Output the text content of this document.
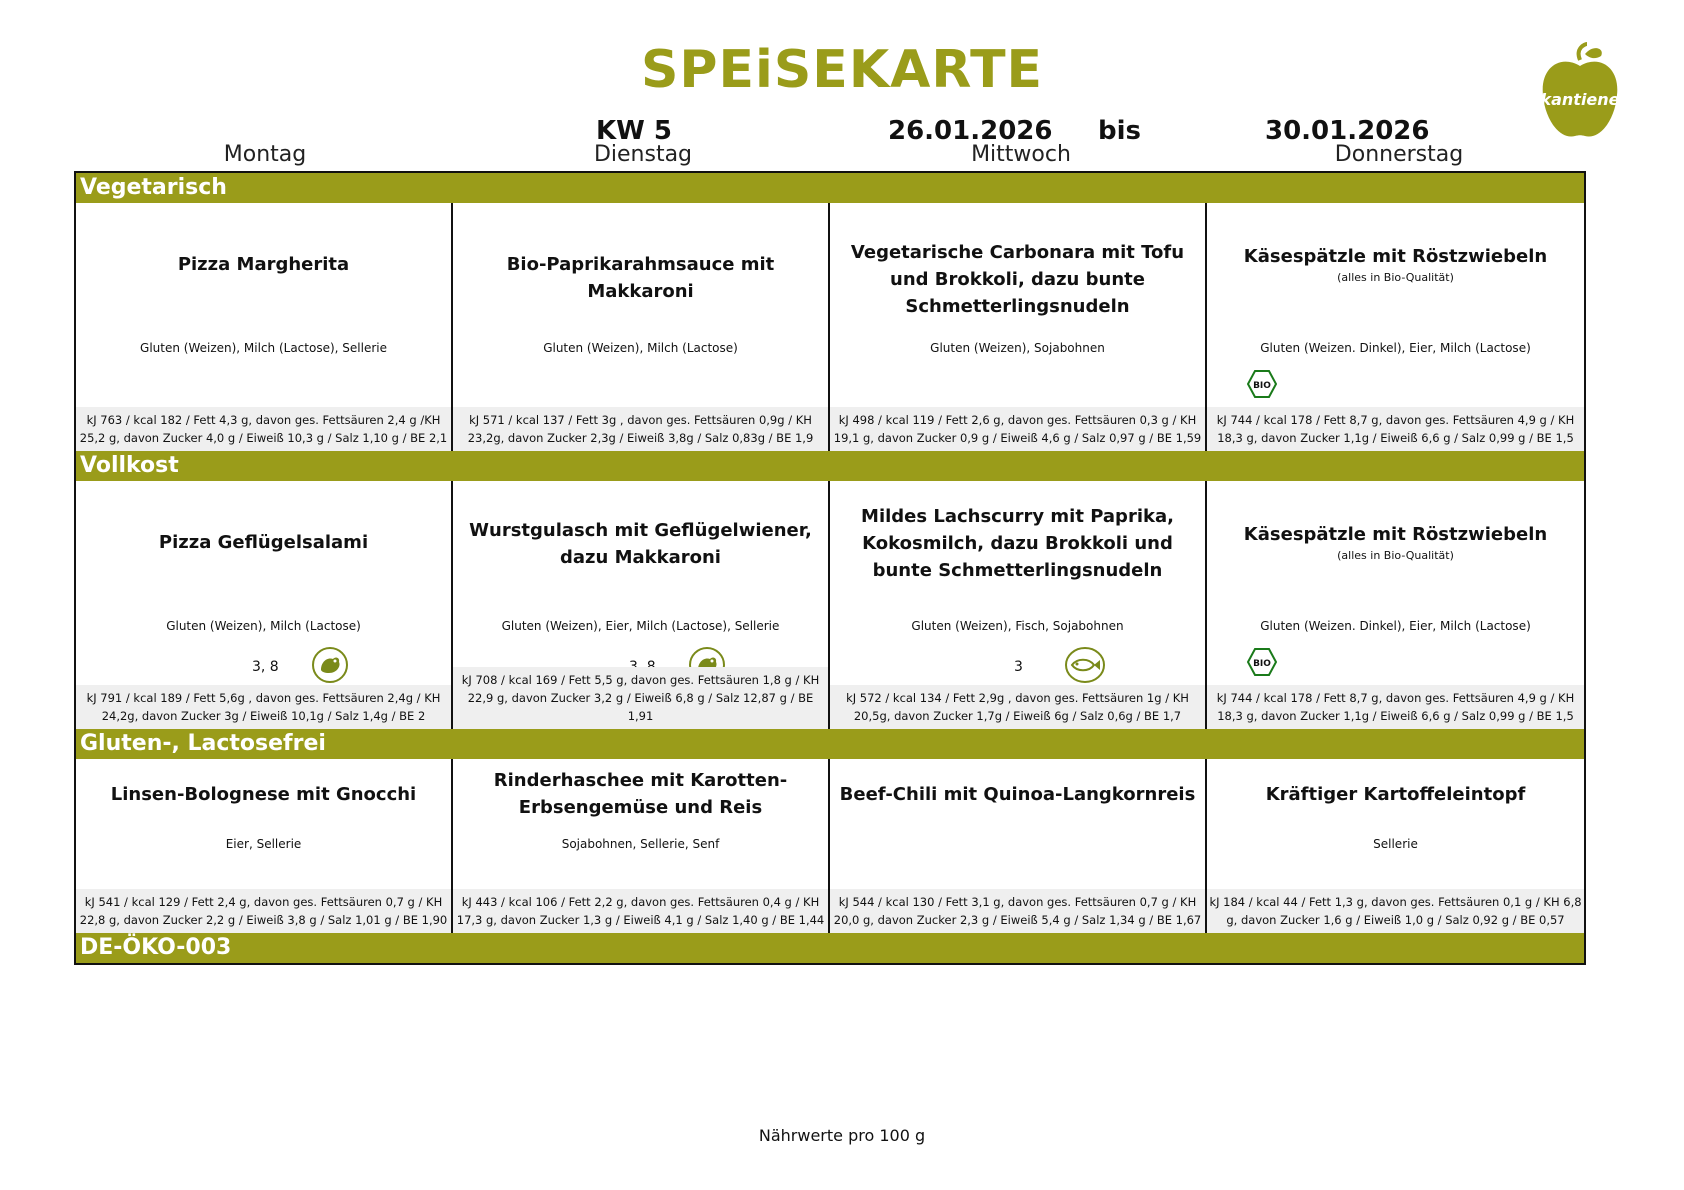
SPEiSEKARTE	kantiene
KW 5	26.01.2026 bis	30.01.2026
Montag	Dienstag	Mittwoch	Donnerstag
Vegetarisch
Pizza Margherita
Gluten (Weizen), Milch (Lactose), Sellerie
kJ 763 / kcal 182 / Fett 4,3 g, davon ges. Fettsäuren 2,4 g /KH 25,2 g, davon Zucker 4,0 g / Eiweiß 10,3 g / Salz 1,10 g / BE 2,1
Bio-Paprikarahmsauce mit Makkaroni
Gluten (Weizen), Milch (Lactose)
kJ 571 / kcal 137 / Fett 3g , davon ges. Fettsäuren 0,9g / KH 23,2g, davon Zucker 2,3g / Eiweiß 3,8g / Salz 0,83g / BE 1,9
Vegetarische Carbonara mit Tofu und Brokkoli, dazu bunte Schmetterlingsnudeln
Gluten (Weizen), Sojabohnen
kJ 498 / kcal 119 / Fett 2,6 g, davon ges. Fettsäuren 0,3 g / KH 19,1 g, davon Zucker 0,9 g / Eiweiß 4,6 g / Salz 0,97 g / BE 1,59
Käsespätzle mit Röstzwiebeln
(alles in Bio-Qualität)
Gluten (Weizen. Dinkel), Eier, Milch (Lactose)
BIO
kJ 744 / kcal 178 / Fett 8,7 g, davon ges. Fettsäuren 4,9 g / KH 18,3 g, davon Zucker 1,1g / Eiweiß 6,6 g / Salz 0,99 g / BE 1,5
Vollkost
Pizza Geflügelsalami
Gluten (Weizen), Milch (Lactose)
3, 8
kJ 791 / kcal 189 / Fett 5,6g , davon ges. Fettsäuren 2,4g / KH 24,2g, davon Zucker 3g / Eiweiß 10,1g / Salz 1,4g / BE 2
Wurstgulasch mit Geflügelwiener, dazu Makkaroni
Gluten (Weizen), Eier, Milch (Lactose), Sellerie
kJ 708 / kcal 169 / Fett 5,5 g, davon ges. Fettsäuren 1,8 g / KH 22,9 g, davon Zucker 3,2 g / Eiweiß 6,8 g / Salz 12,87 g / BE 1,91
Mildes Lachscurry mit Paprika, Kokosmilch, dazu Brokkoli und bunte Schmetterlingsnudeln
Gluten (Weizen), Fisch, Sojabohnen
3
kJ 572 / kcal 134 / Fett 2,9g , davon ges. Fettsäuren 1g / KH 20,5g, davon Zucker 1,7g / Eiweiß 6g / Salz 0,6g / BE 1,7
Käsespätzle mit Röstzwiebeln
(alles in Bio-Qualität)
Gluten (Weizen. Dinkel), Eier, Milch (Lactose)
BIO
kJ 744 / kcal 178 / Fett 8,7 g, davon ges. Fettsäuren 4,9 g / KH 18,3 g, davon Zucker 1,1g / Eiweiß 6,6 g / Salz 0,99 g / BE 1,5
Gluten-, Lactosefrei
Linsen-Bolognese mit Gnocchi
Eier, Sellerie
kJ 541 / kcal 129 / Fett 2,4 g, davon ges. Fettsäuren 0,7 g / KH 22,8 g, davon Zucker 2,2 g / Eiweiß 3,8 g / Salz 1,01 g / BE 1,90
Rinderhaschee mit Karotten-Erbsengemüse und Reis
Sojabohnen, Sellerie, Senf
kJ 443 / kcal 106 / Fett 2,2 g, davon ges. Fettsäuren 0,4 g / KH 17,3 g, davon Zucker 1,3 g / Eiweiß 4,1 g / Salz 1,40 g / BE 1,44
Beef-Chili mit Quinoa-Langkornreis
kJ 544 / kcal 130 / Fett 3,1 g, davon ges. Fettsäuren 0,7 g / KH 20,0 g, davon Zucker 2,3 g / Eiweiß 5,4 g / Salz 1,34 g / BE 1,67
Kräftiger Kartoffeleintopf
Sellerie
kJ 184 / kcal 44 / Fett 1,3 g, davon ges. Fettsäuren 0,1 g / KH 6,8 g, davon Zucker 1,6 g / Eiweiß 1,0 g / Salz 0,92 g / BE 0,57
DE-ÖKO-003
Nährwerte pro 100 g
